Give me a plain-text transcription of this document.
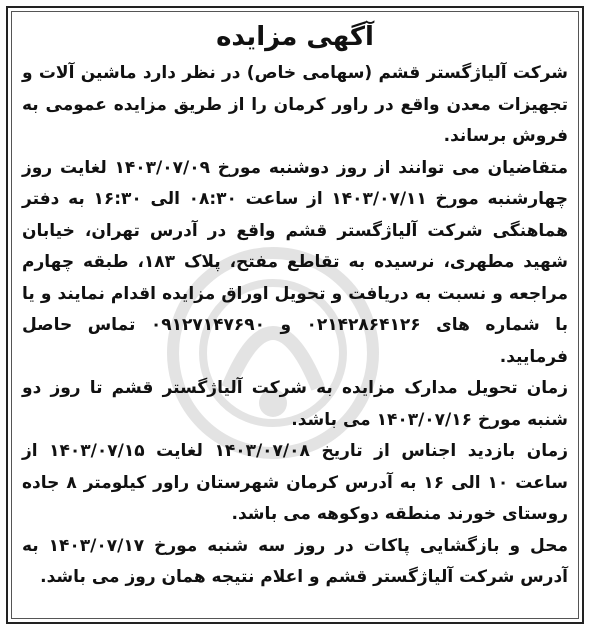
آگهی مزایده

شرکت آلیاژگستر قشم (سهامی خاص) در نظر دارد ماشین آلات و تجهیزات معدن واقع در راور کرمان را از طریق مزایده عمومی به فروش برساند.

متقاضیان می توانند از روز دوشنبه مورخ ۱۴۰۳/۰۷/۰۹ لغایت روز چهارشنبه مورخ ۱۴۰۳/۰۷/۱۱ از ساعت ۰۸:۳۰ الی ۱۶:۳۰ به دفتر هماهنگی شرکت آلیاژگستر قشم واقع در آدرس تهران، خیابان شهید مطهری، نرسیده به تقاطع مفتح، پلاک ۱۸۳، طبقه چهارم مراجعه و نسبت به دریافت و تحویل اوراق مزایده اقدام نمایند و یا با شماره های ۰۲۱۴۲۸۶۴۱۲۶ و ۰۹۱۲۷۱۴۷۶۹۰ تماس حاصل فرمایید.

زمان تحویل مدارک مزایده به شرکت آلیاژگستر قشم تا روز دو شنبه مورخ ۱۴۰۳/۰۷/۱۶ می باشد.

زمان بازدید اجناس از تاریخ ۱۴۰۳/۰۷/۰۸ لغایت ۱۴۰۳/۰۷/۱۵ از ساعت ۱۰ الی ۱۶ به آدرس کرمان شهرستان راور کیلومتر ۸ جاده روستای خورند منطقه دوکوهه می باشد.

محل و بازگشایی پاکات در روز سه شنبه مورخ ۱۴۰۳/۰۷/۱۷ به آدرس شرکت آلیاژگستر قشم و اعلام نتیجه همان روز می باشد.
